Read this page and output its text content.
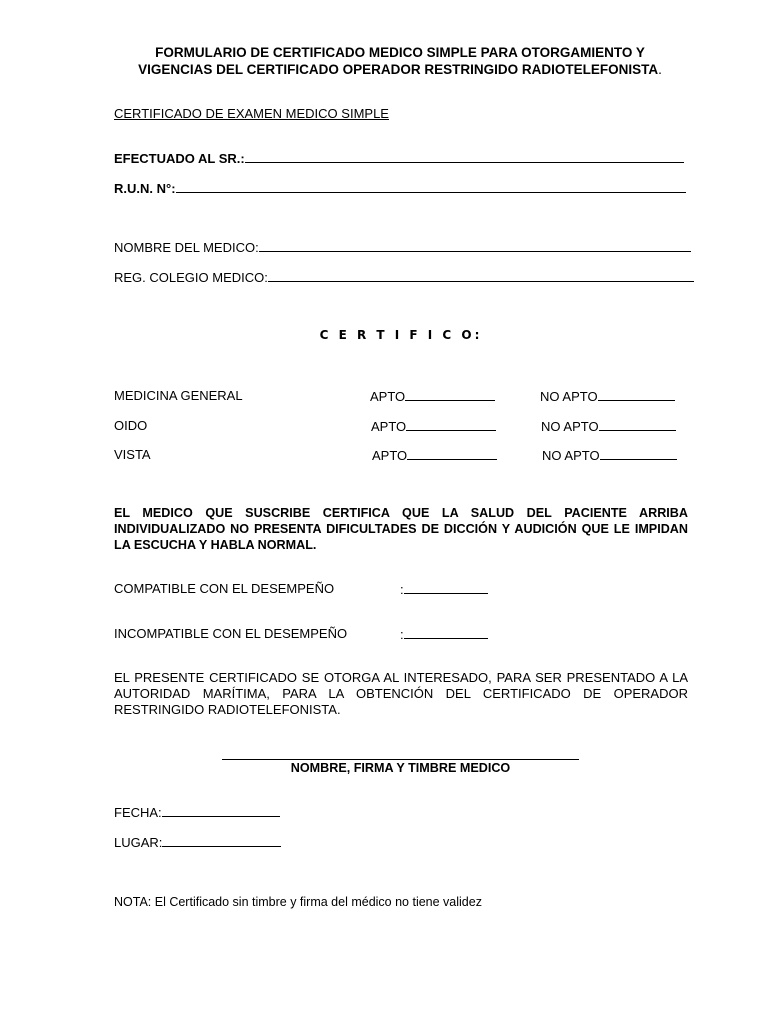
FORMULARIO DE CERTIFICADO MEDICO SIMPLE PARA OTORGAMIENTO Y
VIGENCIAS DEL CERTIFICADO OPERADOR RESTRINGIDO RADIOTELEFONISTA.
CERTIFICADO DE EXAMEN MEDICO SIMPLE
EFECTUADO AL SR.:
R.U.N. N°:
NOMBRE DEL MEDICO:
REG. COLEGIO MEDICO:
C E R T I F I C O:
MEDICINA GENERAL	APTO	NO APTO
OIDO	APTO	NO APTO
VISTA	APTO	NO APTO
EL MEDICO QUE SUSCRIBE CERTIFICA QUE LA SALUD DEL PACIENTE ARRIBA INDIVIDUALIZADO NO PRESENTA DIFICULTADES DE DICCIÓN Y AUDICIÓN QUE LE IMPIDAN LA ESCUCHA Y HABLA NORMAL.
COMPATIBLE CON EL DESEMPEÑO	:
INCOMPATIBLE CON EL DESEMPEÑO	:
EL PRESENTE CERTIFICADO SE OTORGA AL INTERESADO, PARA SER PRESENTADO A LA AUTORIDAD MARÍTIMA, PARA LA OBTENCIÓN DEL CERTIFICADO DE OPERADOR RESTRINGIDO RADIOTELEFONISTA.
NOMBRE, FIRMA Y TIMBRE MEDICO
FECHA:
LUGAR:
NOTA: El Certificado sin timbre y firma del médico no tiene validez
